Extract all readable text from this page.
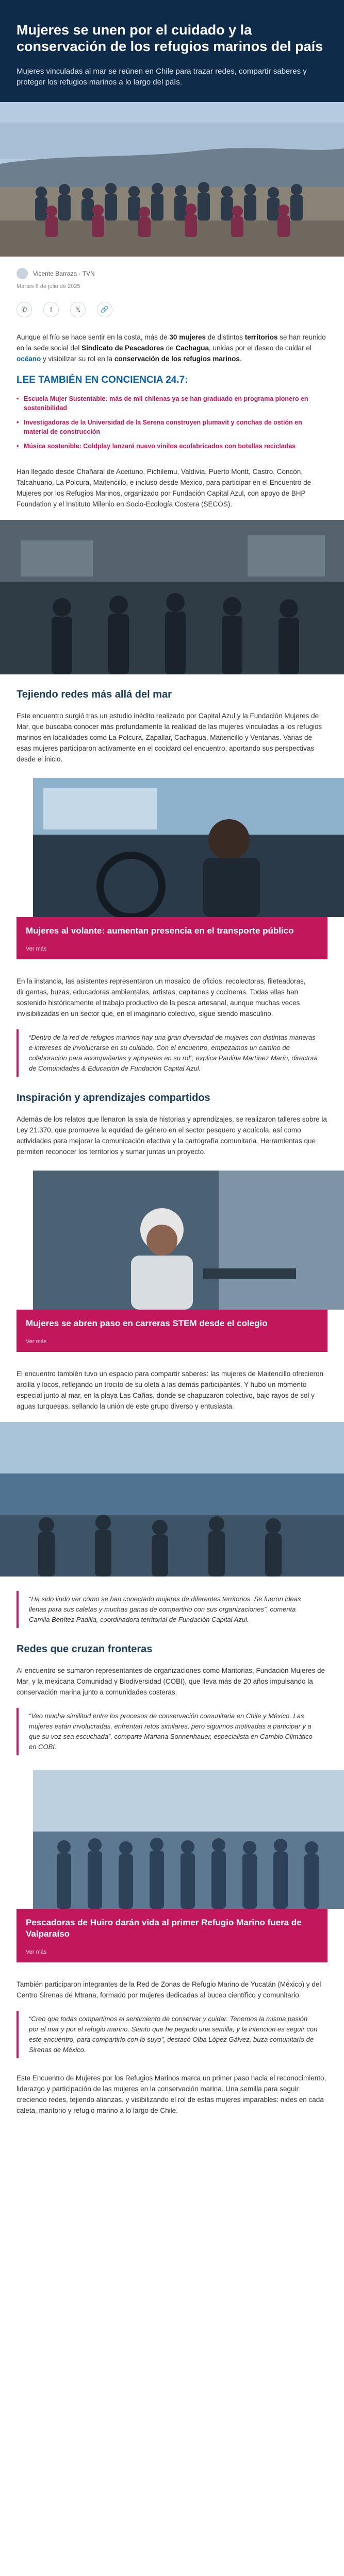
Mujeres se unen por el cuidado y la conservación de los refugios marinos del país

Mujeres vinculadas al mar se reúnen en Chile para trazar redes, compartir saberes y proteger los refugios marinos a lo largo del país.

Vicente Barraza · TVN
Martes 8 de julio de 2025
✆	f	𝕏	🔗

Aunque el frío se hace sentir en la costa, más de 30 mujeres de distintos territorios se han reunido en la sede social del Sindicato de Pescadores de Cachagua, unidas por el deseo de cuidar el océano y visibilizar su rol en la conservación de los refugios marinos.

LEE TAMBIÉN EN CONCIENCIA 24.7:
• Escuela Mujer Sustentable: más de mil chilenas ya se han graduado en programa pionero en sostenibilidad
• Investigadoras de la Universidad de la Serena construyen plumavit y conchas de ostión en material de construcción
• Música sostenible: Coldplay lanzará nuevo vinilos ecofabricados con botellas recicladas

Han llegado desde Chañaral de Aceituno, Pichilemu, Valdivia, Puerto Montt, Castro, Concón, Talcahuano, La Polcura, Maitencillo, e incluso desde México, para participar en el Encuentro de Mujeres por los Refugios Marinos, organizado por Fundación Capital Azul, con apoyo de BHP Foundation y el Instituto Milenio en Socio-Ecología Costera (SECOS).

Tejiendo redes más allá del mar

Este encuentro surgió tras un estudio inédito realizado por Capital Azul y la Fundación Mujeres de Mar, que buscaba conocer más profundamente la realidad de las mujeres vinculadas a los refugios marinos en localidades como La Polcura, Zapallar, Cachagua, Maitencillo y Ventanas. Varias de esas mujeres participaron activamente en el cocidard del encuentro, aportando sus perspectivas desde el inicio.

Mujeres al volante: aumentan presencia en el transporte público
Ver más

En la instancia, las asistentes representaron un mosaico de oficios: recolectoras, fileteadoras, dirigentas, buzas, educadoras ambientales, artistas, capitanes y cocineras. Todas ellas han sostenido históricamente el trabajo productivo de la pesca artesanal, aunque muchas veces invisibilizadas en un sector que, en el imaginario colectivo, sigue siendo masculino.

“Dentro de la red de refugios marinos hay una gran diversidad de mujeres con distintas maneras e intereses de involucrarse en su cuidado. Con el encuentro, empezamos un camino de colaboración para acompañarlas y apoyarlas en su rol”, explica Paulina Martínez Marín, directora de Comunidades & Educación de Fundación Capital Azul.
Inspiración y aprendizajes compartidos

Además de los relatos que llenaron la sala de historias y aprendizajes, se realizaron talleres sobre la Ley 21.370, que promueve la equidad de género en el sector pesquero y acuícola, así como actividades para mejorar la comunicación efectiva y la cartografía comunitaria. Herramientas que permiten reconocer los territorios y sumar juntas un proyecto.

Mujeres se abren paso en carreras STEM desde el colegio
Ver más

El encuentro también tuvo un espacio para compartir saberes: las mujeres de Maitencillo ofrecieron arcilla y locos, reflejando un trocito de su oleta a las demás participantes. Y hubo un momento especial junto al mar, en la playa Las Cañas, donde se chapuzaron colectivo, bajo rayos de sol y aguas turquesas, sellando la unión de este grupo diverso y entusiasta.

“Ha sido lindo ver cómo se han conectado mujeres de diferentes territorios. Se fueron ideas llenas para sus caletas y muchas ganas de compartirlo con sus organizaciones”, comenta Camila Benítez Padilla, coordinadora territorial de Fundación Capital Azul.
Redes que cruzan fronteras

Al encuentro se sumaron representantes de organizaciones como Maritorias, Fundación Mujeres de Mar, y la mexicana Comunidad y Biodiversidad (COBI), que lleva más de 20 años impulsando la conservación marina junto a comunidades costeras.

“Veo mucha similitud entre los procesos de conservación comunitaria en Chile y México. Las mujeres están involucradas, enfrentan retos similares, pero siguimos motivadas a participar y a que su voz sea escuchada”, comparte Mariana Sonnenhauer, especialista en Cambio Climático en COBI.
Pescadoras de Huiro darán vida al primer Refugio Marino fuera de Valparaíso
Ver más

También participaron integrantes de la Red de Zonas de Refugio Marino de Yucatán (México) y del Centro Sirenas de Mtrana, formado por mujeres dedicadas al buceo científico y comunitario.

“Creo que todas compartimos el sentimiento de conservar y cuidar. Tenemos la misma pasión por el mar y por el refugio marino. Siento que he pegado una semilla, y la intención es seguir con este encuentro, para compartirlo con lo suyo”, destacó Olba López Gálvez, buza comunitario de Sirenas de México.

Este Encuentro de Mujeres por los Refugios Marinos marca un primer paso hacia el reconocimiento, liderazgo y participación de las mujeres en la conservación marina. Una semilla para seguir creciendo redes, tejiendo alianzas, y visibilizando el rol de estas mujeres imparables: nides en cada caleta, maritorio y refugio marino a lo largo de Chile.
